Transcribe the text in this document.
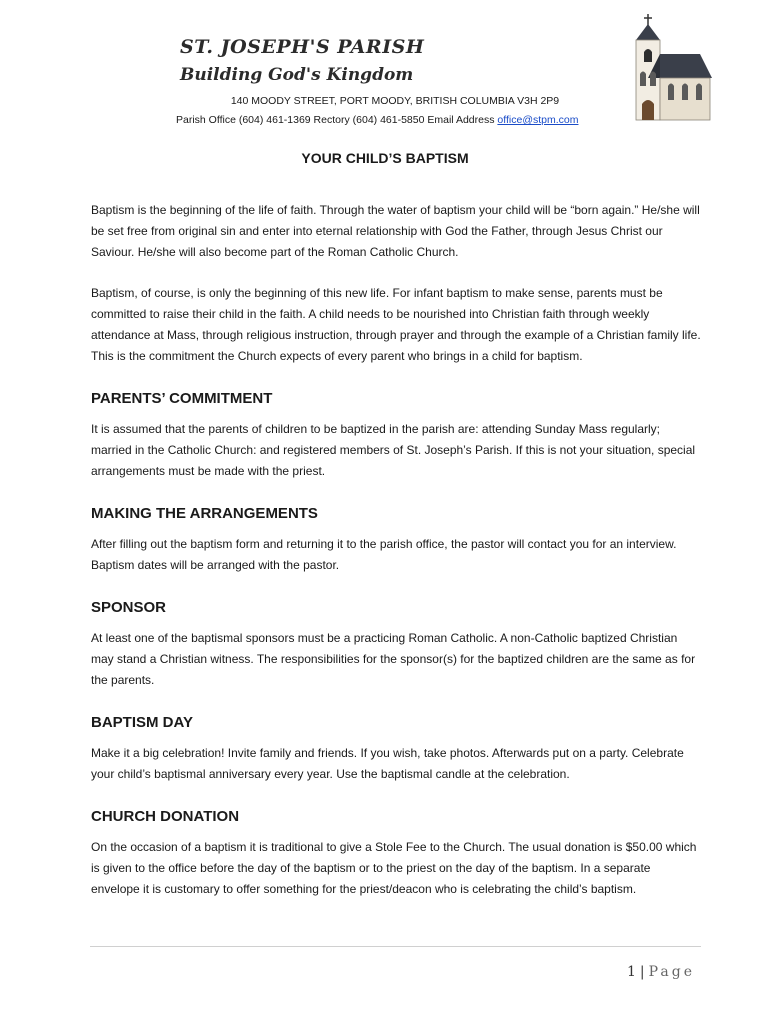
ST. JOSEPH'S PARISH
Building God's Kingdom
140 MOODY STREET, PORT MOODY, BRITISH COLUMBIA V3H 2P9
Parish Office (604) 461-1369 Rectory (604) 461-5850 Email Address office@stpm.com
YOUR CHILD’S BAPTISM

Baptism is the beginning of the life of faith. Through the water of baptism your child will be “born again.” He/she will be set free from original sin and enter into eternal relationship with God the Father, through Jesus Christ our Saviour. He/she will also become part of the Roman Catholic Church.

Baptism, of course, is only the beginning of this new life. For infant baptism to make sense, parents must be committed to raise their child in the faith. A child needs to be nourished into Christian faith through weekly attendance at Mass, through religious instruction, through prayer and through the example of a Christian family life. This is the commitment the Church expects of every parent who brings in a child for baptism.

PARENTS’ COMMITMENT

It is assumed that the parents of children to be baptized in the parish are: attending Sunday Mass regularly; married in the Catholic Church: and registered members of St. Joseph’s Parish. If this is not your situation, special arrangements must be made with the priest.

MAKING THE ARRANGEMENTS

After filling out the baptism form and returning it to the parish office, the pastor will contact you for an interview. Baptism dates will be arranged with the pastor.

SPONSOR

At least one of the baptismal sponsors must be a practicing Roman Catholic. A non-Catholic baptized Christian may stand a Christian witness. The responsibilities for the sponsor(s) for the baptized children are the same as for the parents.

BAPTISM DAY

Make it a big celebration! Invite family and friends. If you wish, take photos. Afterwards put on a party. Celebrate your child’s baptismal anniversary every year. Use the baptismal candle at the celebration.

CHURCH DONATION

On the occasion of a baptism it is traditional to give a Stole Fee to the Church. The usual donation is $50.00 which is given to the office before the day of the baptism or to the priest on the day of the baptism. In a separate envelope it is customary to offer something for the priest/deacon who is celebrating the child’s baptism.

1 | Page
